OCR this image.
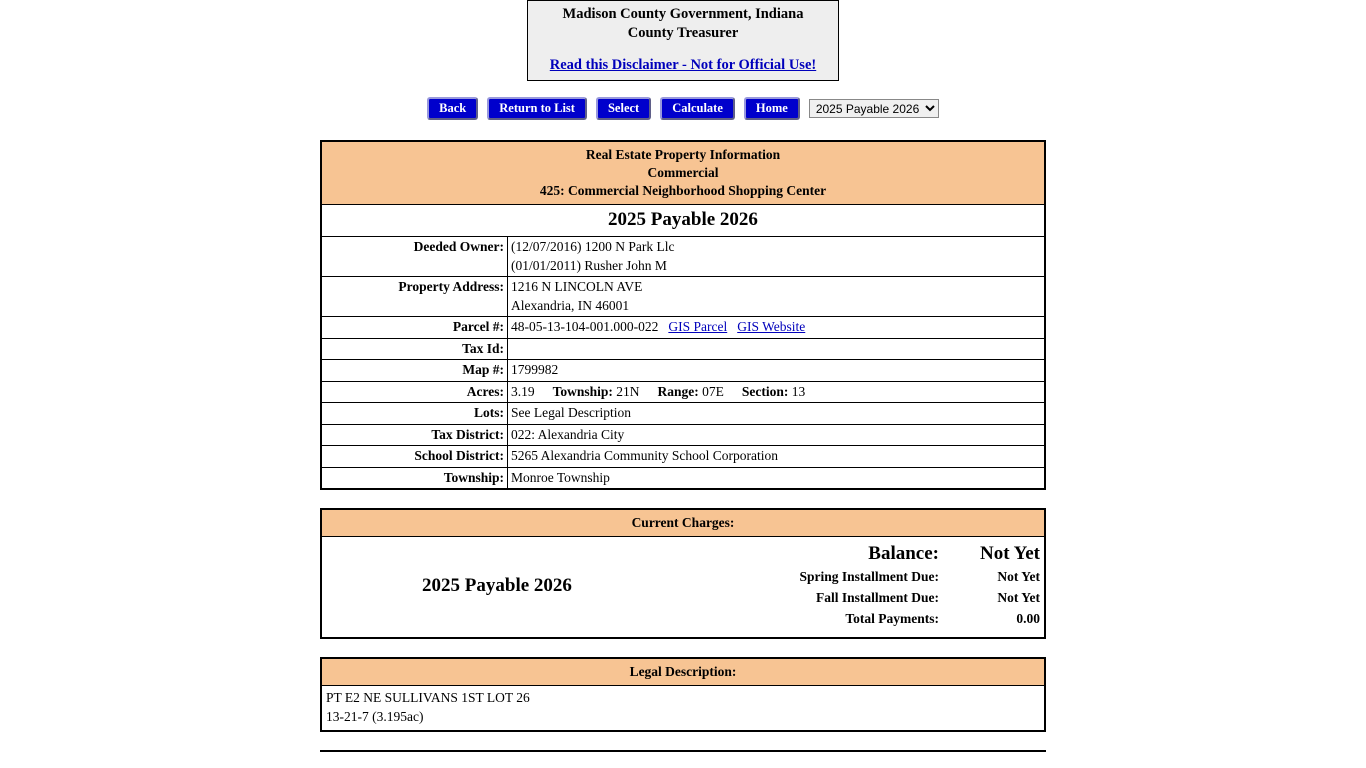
Madison County Government, Indiana
County Treasurer
Read this Disclaimer - Not for Official Use!
Back	Return to List	Select	Calculate	Home
2025 Payable 2026
Real Estate Property Information
Commercial
425: Commercial Neighborhood Shopping Center
2025 Payable 2026
Deeded Owner:	(12/07/2016) 1200 N Park Llc
(01/01/2011) Rusher John M

Property Address:	1216 N LINCOLN AVE
Alexandria, IN 46001

Parcel #:	48-05-13-104-001.000-022 GIS Parcel GIS Website
Tax Id:	
Map #:	1799982
Acres:	3.19 Township: 21N Range: 07E Section: 13
Lots:	See Legal Description
Tax District:	022: Alexandria City
School District:	5265 Alexandria Community School Corporation
Township:	Monroe Township
Current Charges:
2025 Payable 2026
Balance:	Not Yet
Spring Installment Due:	Not Yet
Fall Installment Due:	Not Yet
Total Payments:	0.00
Legal Description:
PT E2 NE SULLIVANS 1ST LOT 26
13-21-7 (3.195ac)
